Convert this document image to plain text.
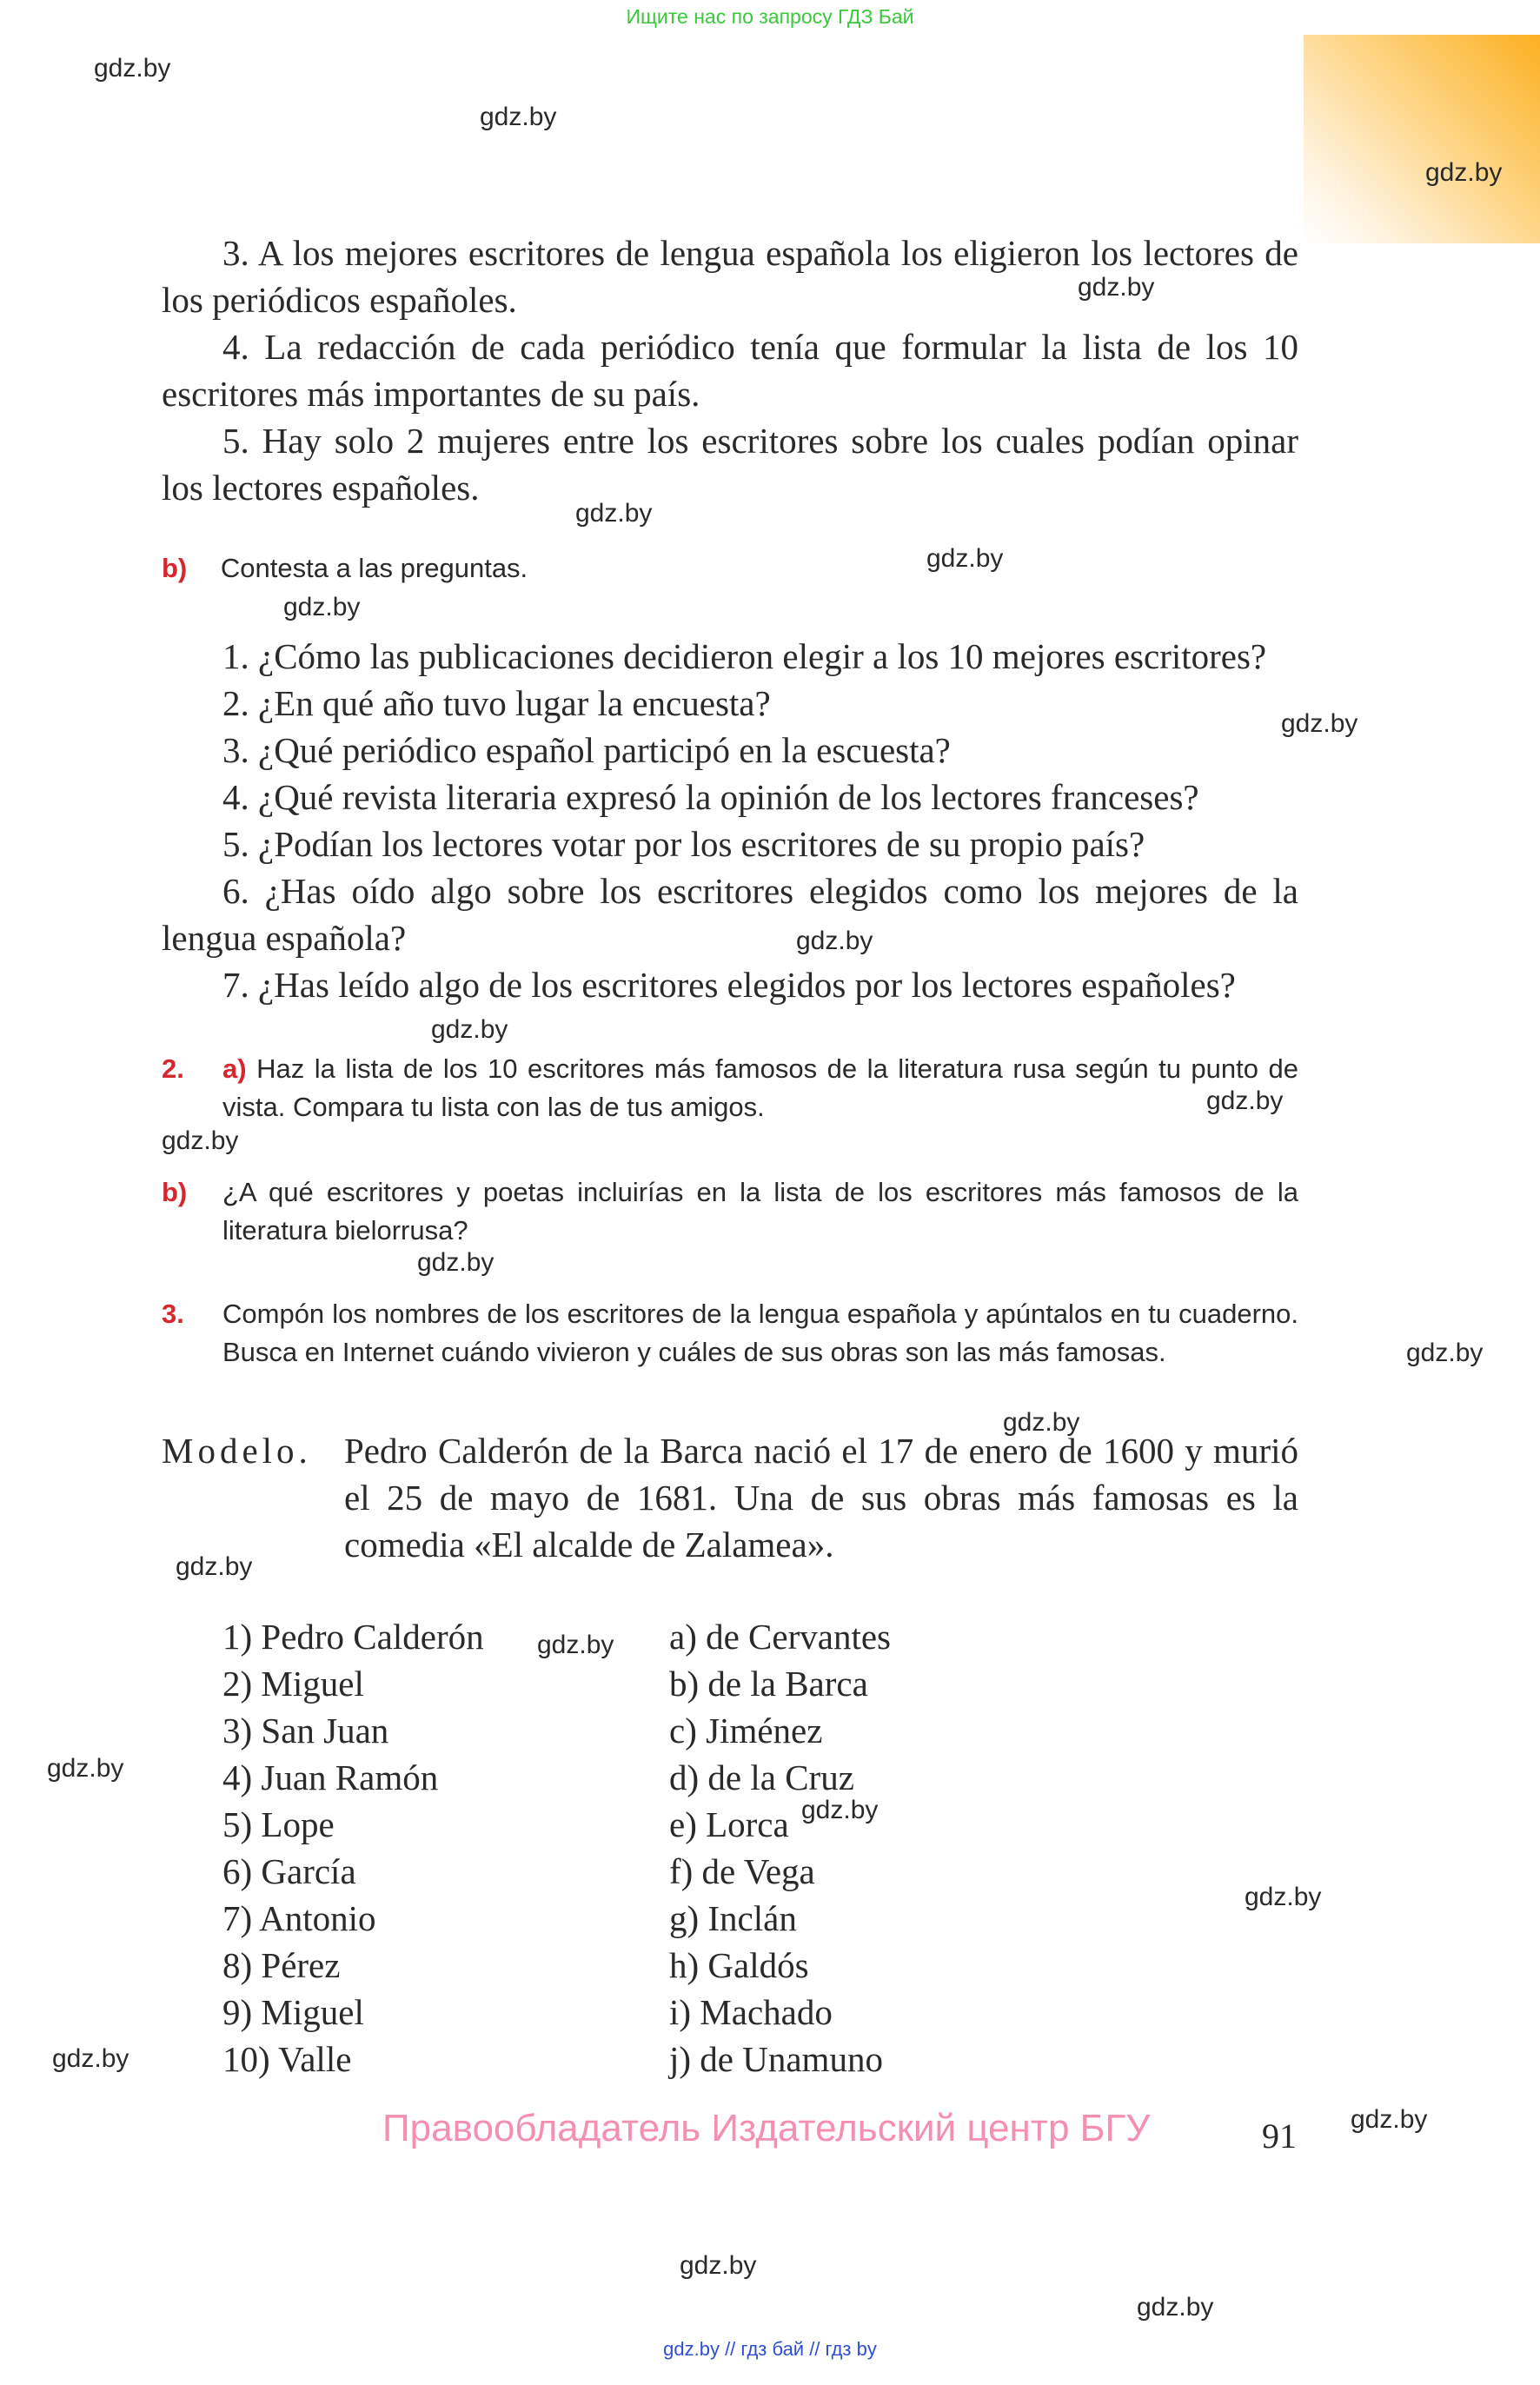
Ищите нас по запросу ГДЗ Бай

3. A los mejores escritores de lengua española los eligieron los lectores de los periódicos españoles.

4. La redacción de cada periódico tenía que formular la lista de los 10 escritores más importantes de su país.

5. Hay solo 2 mujeres entre los escritores sobre los cuales podían opinar los lectores españoles.

b) Contesta a las preguntas.

1. ¿Cómo las publicaciones decidieron elegir a los 10 mejores escritores?

2. ¿En qué año tuvo lugar la encuesta?

3. ¿Qué periódico español participó en la escuesta?

4. ¿Qué revista literaria expresó la opinión de los lectores franceses?

5. ¿Podían los lectores votar por los escritores de su propio país?

6. ¿Has oído algo sobre los escritores elegidos como los mejores de la lengua española?

7. ¿Has leído algo de los escritores elegidos por los lectores españoles?

2. a) Haz la lista de los 10 escritores más famosos de la literatura rusa según tu punto de vista. Compara tu lista con las de tus amigos.
b) ¿A qué escritores y poetas incluirías en la lista de los escritores más famosos de la literatura bielorrusa?
3. Compón los nombres de los escritores de la lengua española y apúntalos en tu cuaderno. Busca en Internet cuándo vivieron y cuáles de sus obras son las más famosas.
Modelo. Pedro Calderón de la Barca nació el 17 de enero de 1600 y murió el 25 de mayo de 1681. Una de sus obras más famosas es la comedia «El alcalde de Zalamea».
1) Pedro Calderón
2) Miguel
3) San Juan
4) Juan Ramón
5) Lope
6) García
7) Antonio
8) Pérez
9) Miguel
10) Valle
a) de Cervantes
b) de la Barca
c) Jiménez
d) de la Cruz
e) Lorca
f) de Vega
g) Inclán
h) Galdós
i) Machado
j) de Unamuno
Правообладатель Издательский центр БГУ	91
gdz.by // гдз бай // гдз by
gdz.by
gdz.by
gdz.by
gdz.by
gdz.by
gdz.by
gdz.by
gdz.by
gdz.by
gdz.by
gdz.by
gdz.by
gdz.by
gdz.by
gdz.by
gdz.by
gdz.by
gdz.by
gdz.by
gdz.by
gdz.by
gdz.by
gdz.by
gdz.by
